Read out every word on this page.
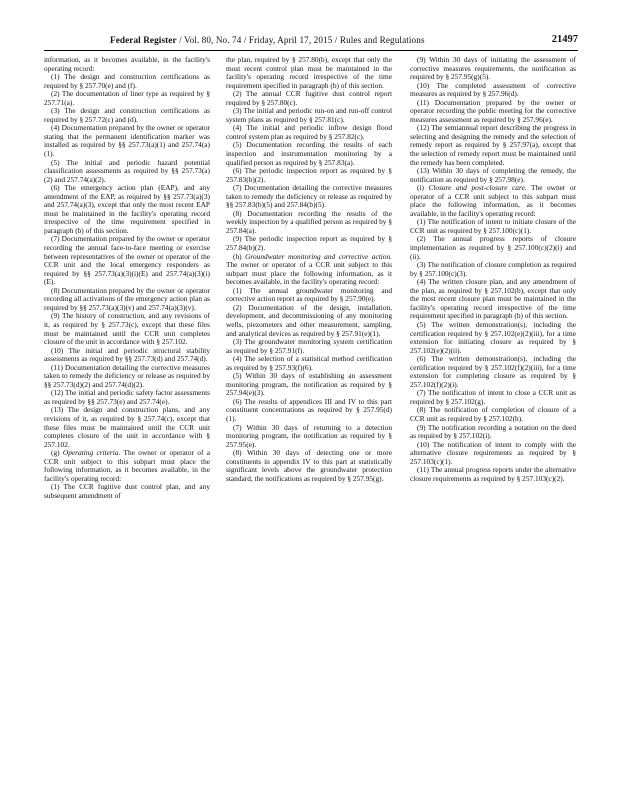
Federal Register / Vol. 80, No. 74 / Friday, April 17, 2015 / Rules and Regulations	21497

information, as it becomes available, in the facility's operating record:

(1) The design and construction certifications as required by § 257.70(e) and (f).

(2) The documentation of liner type as required by § 257.71(a).

(3) The design and construction certifications as required by § 257.72(c) and (d).

(4) Documentation prepared by the owner or operator stating that the permanent identification marker was installed as required by §§ 257.73(a)(1) and 257.74(a)(1).

(5) The initial and periodic hazard potential classification assessments as required by §§ 257.73(a)(2) and 257.74(a)(2).

(6) The emergency action plan (EAP), and any amendment of the EAP, as required by §§ 257.73(a)(3) and 257.74(a)(3), except that only the most recent EAP must be maintained in the facility's operating record irrespective of the time requirement specified in paragraph (b) of this section.

(7) Documentation prepared by the owner or operator recording the annual face-to-face meeting or exercise between representatives of the owner or operator of the CCR unit and the local emergency responders as required by §§ 257.73(a)(3)(i)(E) and 257.74(a)(3)(i)(E).

(8) Documentation prepared by the owner or operator recording all activations of the emergency action plan as required by §§ 257.73(a)(3)(v) and 257.74(a)(3)(v).

(9) The history of construction, and any revisions of it, as required by § 257.73(c), except that these files must be maintained until the CCR unit completes closure of the unit in accordance with § 257.102.

(10) The initial and periodic structural stability assessments as required by §§ 257.73(d) and 257.74(d).

(11) Documentation detailing the corrective measures taken to remedy the deficiency or release as required by §§ 257.73(d)(2) and 257.74(d)(2).

(12) The initial and periodic safety factor assessments as required by §§ 257.73(e) and 257.74(e).

(13) The design and construction plans, and any revisions of it, as required by § 257.74(c), except that these files must be maintained until the CCR unit completes closure of the unit in accordance with § 257.102.

(g) Operating criteria. The owner or operator of a CCR unit subject to this subpart must place the following information, as it becomes available, in the facility's operating record:

(1) The CCR fugitive dust control plan, and any subsequent amendment of

the plan, required by § 257.80(b), except that only the most recent control plan must be maintained in the facility's operating record irrespective of the time requirement specified in paragraph (b) of this section.

(2) The annual CCR fugitive dust control report required by § 257.80(c).

(3) The initial and periodic run-on and run-off control system plans as required by § 257.81(c).

(4) The initial and periodic inflow design flood control system plan as required by § 257.82(c).

(5) Documentation recording the results of each inspection and instrumentation monitoring by a qualified person as required by § 257.83(a).

(6) The periodic inspection report as required by § 257.83(b)(2).

(7) Documentation detailing the corrective measures taken to remedy the deficiency or release as required by §§ 257.83(b)(5) and 257.84(b)(5).

(8) Documentation recording the results of the weekly inspection by a qualified person as required by § 257.84(a).

(9) The periodic inspection report as required by § 257.84(b)(2).

(h) Groundwater monitoring and corrective action. The owner or operator of a CCR unit subject to this subpart must place the following information, as it becomes available, in the facility's operating record:

(1) The annual groundwater monitoring and corrective action report as required by § 257.90(e).

(2) Documentation of the design, installation, development, and decommissioning of any monitoring wells, piezometers and other measurement, sampling, and analytical devices as required by § 257.91(e)(1).

(3) The groundwater monitoring system certification as required by § 257.91(f).

(4) The selection of a statistical method certification as required by § 257.93(f)(6).

(5) Within 30 days of establishing an assessment monitoring program, the notification as required by § 257.94(e)(3).

(6) The results of appendices III and IV to this part constituent concentrations as required by § 257.95(d)(1).

(7) Within 30 days of returning to a detection monitoring program, the notification as required by § 257.95(e).

(8) Within 30 days of detecting one or more constituents in appendix IV to this part at statistically significant levels above the groundwater protection standard, the notifications as required by § 257.95(g).

(9) Within 30 days of initiating the assessment of corrective measures requirements, the notification as required by § 257.95(g)(5).

(10) The completed assessment of corrective measures as required by § 257.96(d).

(11) Documentation prepared by the owner or operator recording the public meeting for the corrective measures assessment as required by § 257.96(e).

(12) The semiannual report describing the progress in selecting and designing the remedy and the selection of remedy report as required by § 257.97(a), except that the selection of remedy report must be maintained until the remedy has been completed.

(13) Within 30 days of completing the remedy, the notification as required by § 257.98(e).

(i) Closure and post-closure care. The owner or operator of a CCR unit subject to this subpart must place the following information, as it becomes available, in the facility's operating record:

(1) The notification of intent to initiate closure of the CCR unit as required by § 257.100(c)(1).

(2) The annual progress reports of closure implementation as required by § 257.100(c)(2)(i) and (ii).

(3) The notification of closure completion as required by § 257.100(c)(3).

(4) The written closure plan, and any amendment of the plan, as required by § 257.102(b), except that only the most recent closure plan must be maintained in the facility's operating record irrespective of the time requirement specified in paragraph (b) of this section.

(5) The written demonstration(s), including the certification required by § 257.102(e)(2)(iii), for a time extension for initiating closure as required by § 257.102(e)(2)(ii).

(6) The written demonstration(s), including the certification required by § 257.102(f)(2)(iii), for a time extension for completing closure as required by § 257.102(f)(2)(i).

(7) The notification of intent to close a CCR unit as required by § 257.102(g).

(8) The notification of completion of closure of a CCR unit as required by § 257.102(h).

(9) The notification recording a notation on the deed as required by § 257.102(i).

(10) The notification of intent to comply with the alternative closure requirements as required by § 257.103(c)(1).

(11) The annual progress reports under the alternative closure requirements as required by § 257.103(c)(2).
